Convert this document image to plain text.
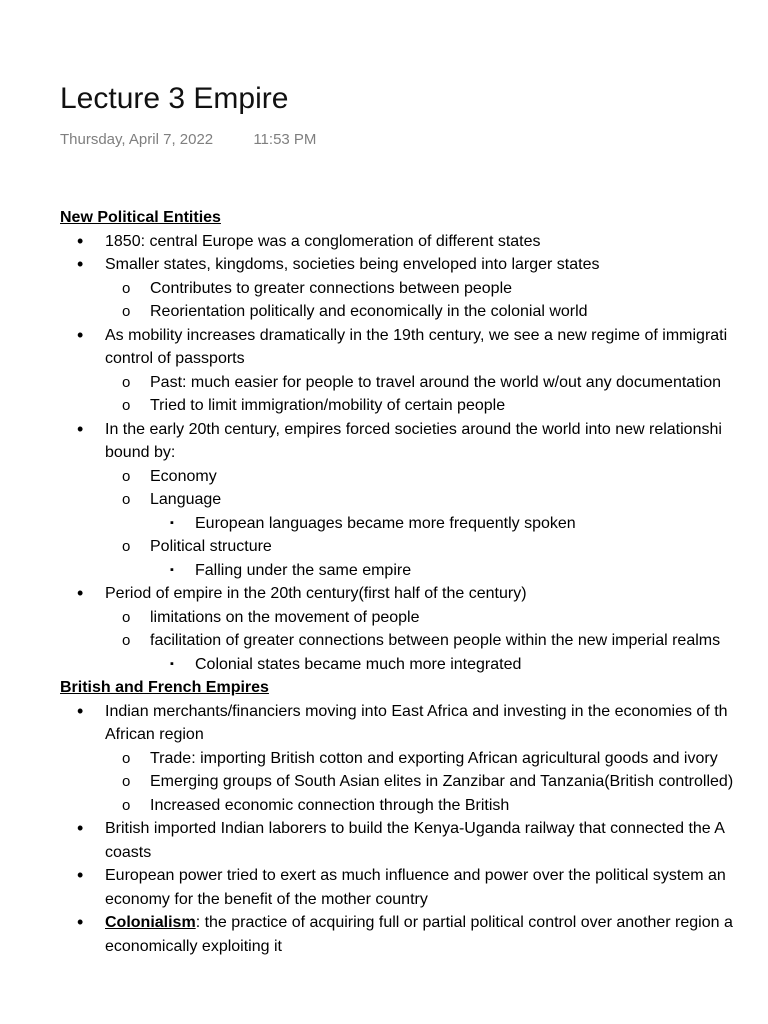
Lecture 3 Empire
Thursday, April 7, 2022	11:53 PM
New Political Entities
• 1850: central Europe was a conglomeration of different states
• Smaller states, kingdoms, societies being enveloped into larger states
o Contributes to greater connections between people
o Reorientation politically and economically in the colonial world
• As mobility increases dramatically in the 19th century, we see a new regime of immigrati
control of passports
o Past: much easier for people to travel around the world w/out any documentation
o Tried to limit immigration/mobility of certain people
• In the early 20th century, empires forced societies around the world into new relationshi
bound by:
o Economy
o Language
▪ European languages became more frequently spoken
o Political structure
▪ Falling under the same empire
• Period of empire in the 20th century(first half of the century)
o limitations on the movement of people
o facilitation of greater connections between people within the new imperial realms
▪ Colonial states became much more integrated
British and French Empires
• Indian merchants/financiers moving into East Africa and investing in the economies of th
African region
o Trade: importing British cotton and exporting African agricultural goods and ivory
o Emerging groups of South Asian elites in Zanzibar and Tanzania(British controlled)
o Increased economic connection through the British
• British imported Indian laborers to build the Kenya-Uganda railway that connected the A
coasts
• European power tried to exert as much influence and power over the political system an
economy for the benefit of the mother country
• Colonialism: the practice of acquiring full or partial political control over another region a
economically exploiting it
